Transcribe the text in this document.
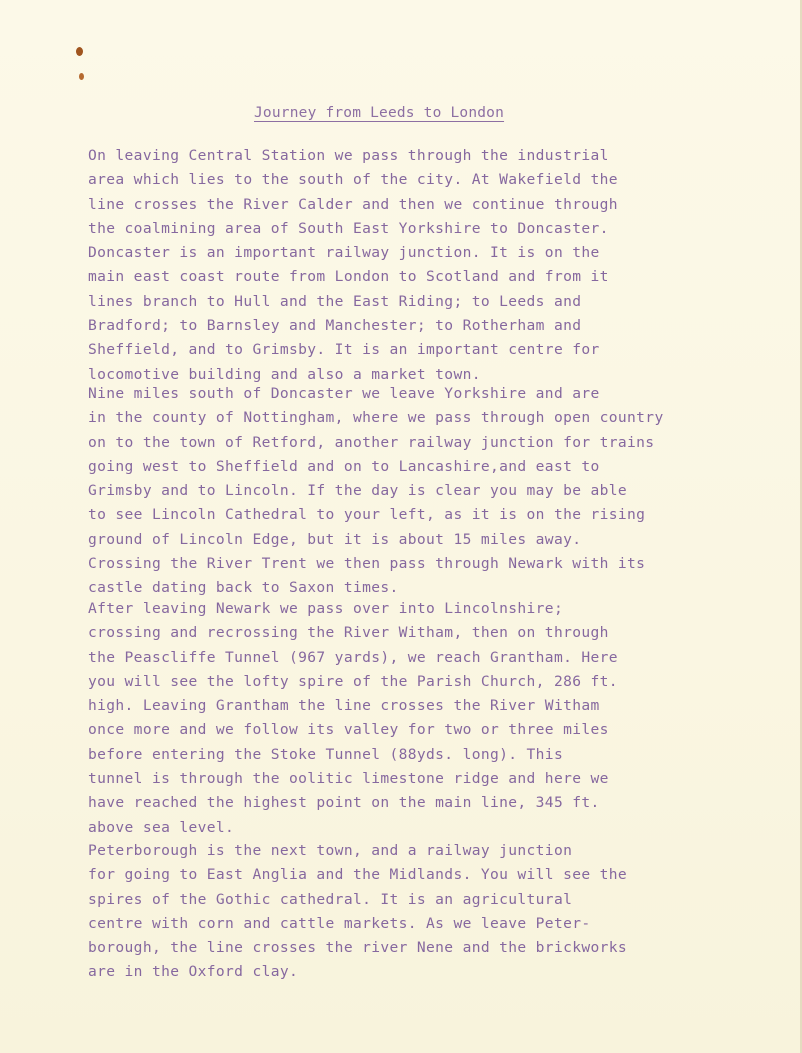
Journey from Leeds to London
On leaving Central Station we pass through the industrial
area which lies to the south of the city. At Wakefield the
line crosses the River Calder and then we continue through
the coalmining area of South East Yorkshire to Doncaster.
Doncaster is an important railway junction. It is on the
main east coast route from London to Scotland and from it
lines branch to Hull and the East Riding; to Leeds and
Bradford; to Barnsley and Manchester; to Rotherham and
Sheffield, and to Grimsby. It is an important centre for
locomotive building and also a market town.
Nine miles south of Doncaster we leave Yorkshire and are
in the county of Nottingham, where we pass through open country
on to the town of Retford, another railway junction for trains
going west to Sheffield and on to Lancashire,and east to
Grimsby and to Lincoln. If the day is clear you may be able
to see Lincoln Cathedral to your left, as it is on the rising
ground of Lincoln Edge, but it is about 15 miles away.
Crossing the River Trent we then pass through Newark with its
castle dating back to Saxon times.
After leaving Newark we pass over into Lincolnshire;
crossing and recrossing the River Witham, then on through
the Peascliffe Tunnel (967 yards), we reach Grantham. Here
you will see the lofty spire of the Parish Church, 286 ft.
high. Leaving Grantham the line crosses the River Witham
once more and we follow its valley for two or three miles
before entering the Stoke Tunnel (88yds. long). This
tunnel is through the oolitic limestone ridge and here we
have reached the highest point on the main line, 345 ft.
above sea level.
Peterborough is the next town, and a railway junction
for going to East Anglia and the Midlands. You will see the
spires of the Gothic cathedral. It is an agricultural
centre with corn and cattle markets. As we leave Peter-
borough, the line crosses the river Nene and the brickworks
are in the Oxford clay.
